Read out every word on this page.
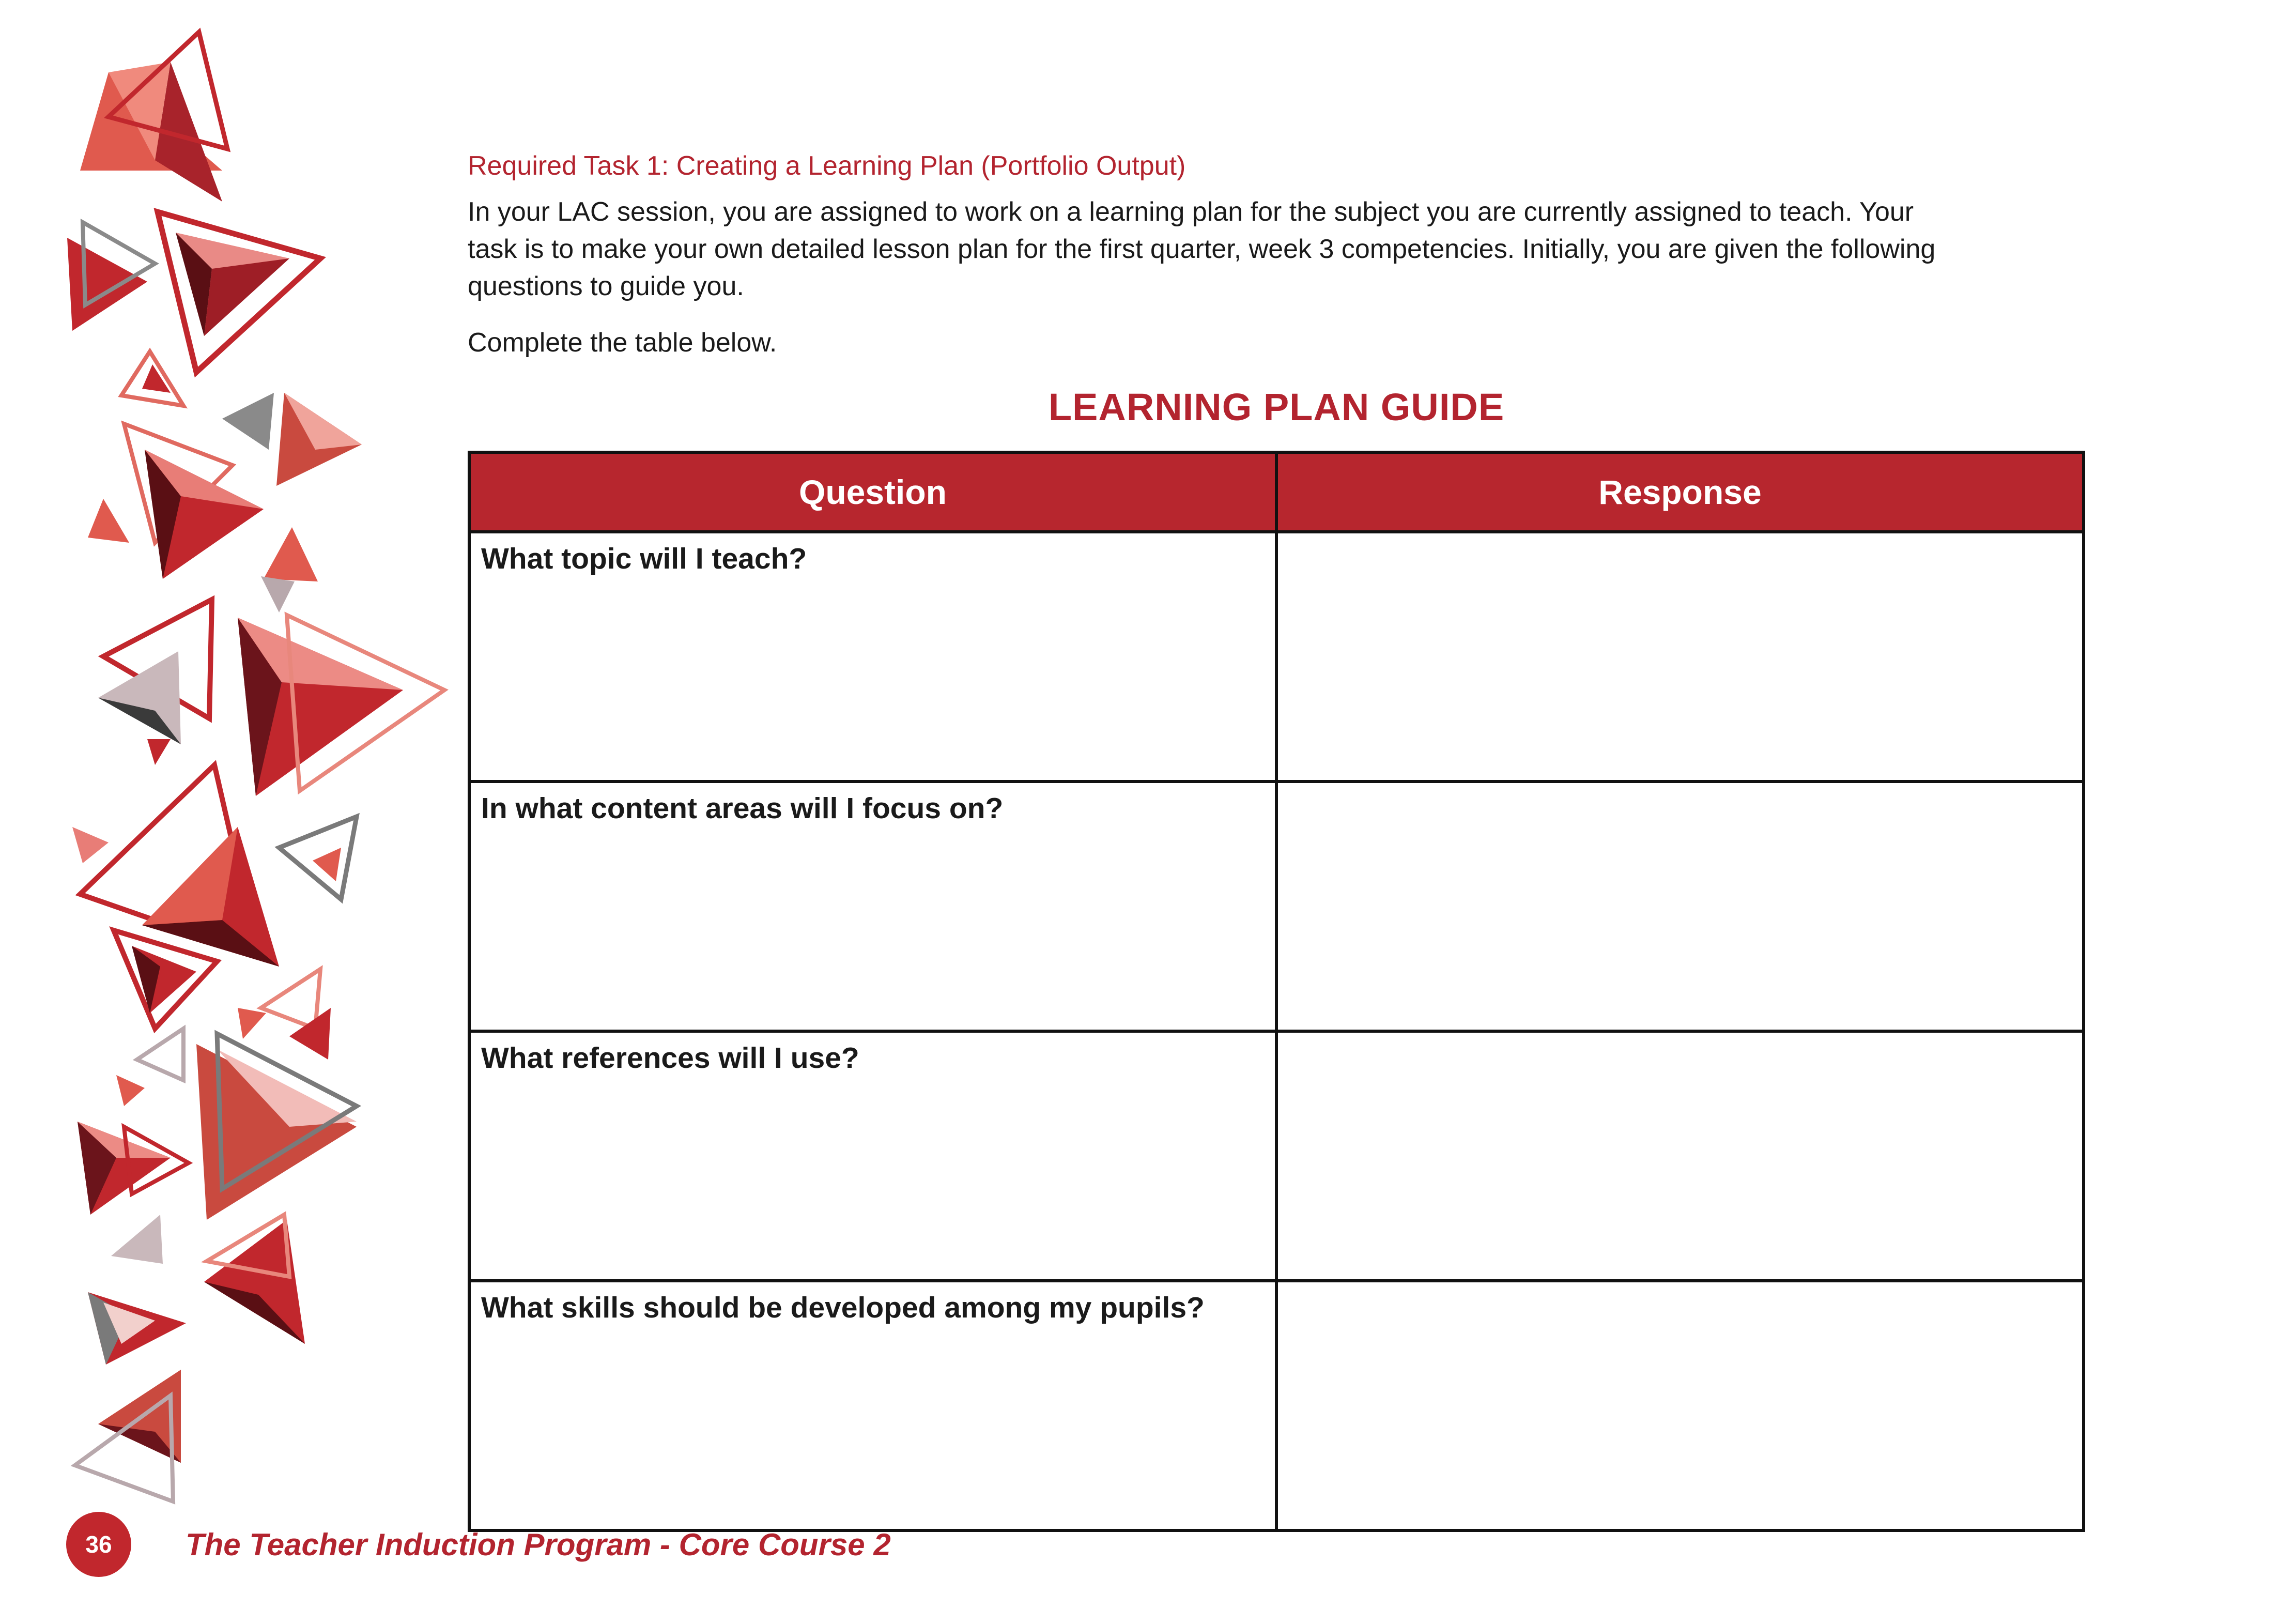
Required Task 1: Creating a Learning Plan (Portfolio Output)
In your LAC session, you are assigned to work on a learning plan for the subject you are currently assigned to teach. Your
task is to make your own detailed lesson plan for the first quarter, week 3 competencies. Initially, you are given the following
questions to guide you.
Complete the table below.
LEARNING PLAN GUIDE
Question	Response
What topic will I teach?	
In what content areas will I focus on?	
What references will I use?	
What skills should be developed among my pupils?	
36	The Teacher Induction Program - Core Course 2
